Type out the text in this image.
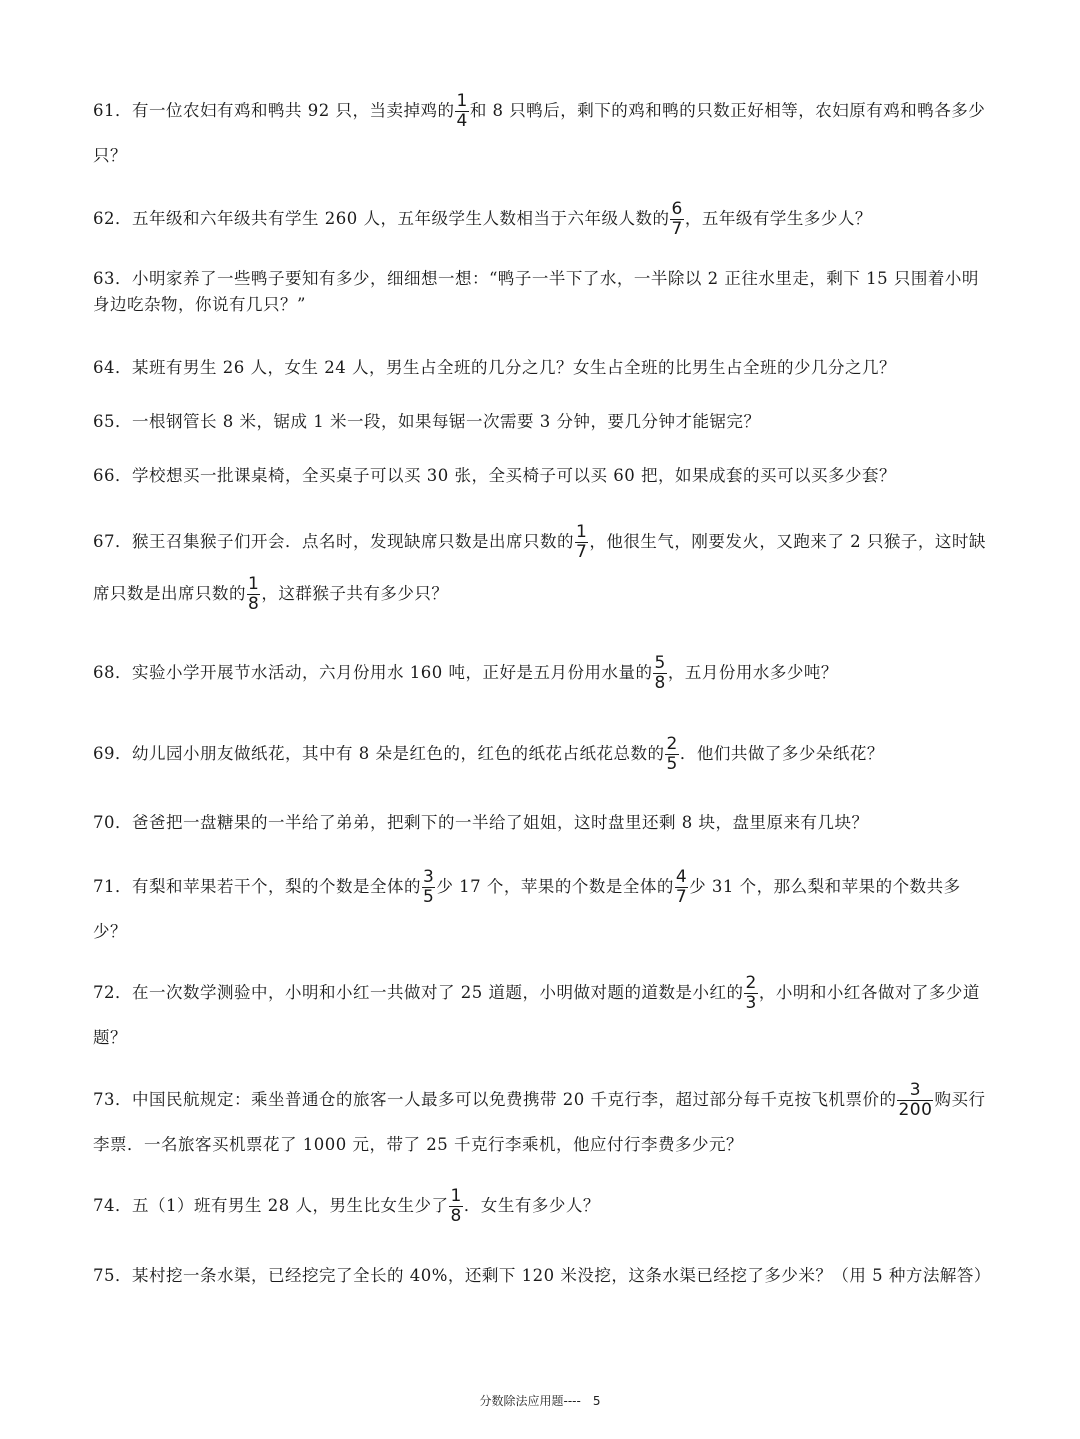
61．有一位农妇有鸡和鸭共 92 只，当卖掉鸡的 $\frac{1}{4}$ 和 8 只鸭后，剩下的鸡和鸭的只数正好相等，农妇原有鸡和鸭各多少只？
62．五年级和六年级共有学生 260 人，五年级学生人数相当于六年级人数的 $\frac{6}{7}$ ，五年级有学生多少人？
63．小明家养了一些鸭子要知有多少，细细想一想：“鸭子一半下了水，一半除以 2 正往水里走，剩下 15 只围着小明身边吃杂物，你说有几只？”
64．某班有男生 26 人，女生 24 人，男生占全班的几分之几？女生占全班的比男生占全班的少几分之几？
65．一根钢管长 8 米，锯成 1 米一段，如果每锯一次需要 3 分钟，要几分钟才能锯完？
66．学校想买一批课桌椅，全买桌子可以买 30 张，全买椅子可以买 60 把，如果成套的买可以买多少套？
67．猴王召集猴子们开会．点名时，发现缺席只数是出席只数的 $\frac{1}{7}$ ，他很生气，刚要发火，又跑来了 2 只猴子，这时缺席只数是出席只数的 $\frac{1}{8}$ ，这群猴子共有多少只？
68．实验小学开展节水活动，六月份用水 160 吨，正好是五月份用水量的 $\frac{5}{8}$ ，五月份用水多少吨？
69．幼儿园小朋友做纸花，其中有 8 朵是红色的，红色的纸花占纸花总数的 $\frac{2}{5}$ ．他们共做了多少朵纸花？
70．爸爸把一盘糖果的一半给了弟弟，把剩下的一半给了姐姐，这时盘里还剩 8 块，盘里原来有几块？
71．有梨和苹果若干个，梨的个数是全体的 $\frac{3}{5}$ 少 17 个，苹果的个数是全体的 $\frac{4}{7}$ 少 31 个，那么梨和苹果的个数共多少？
72．在一次数学测验中，小明和小红一共做对了 25 道题，小明做对题的道数是小红的 $\frac{2}{3}$ ，小明和小红各做对了多少道题？
73．中国民航规定：乘坐普通仓的旅客一人最多可以免费携带 20 千克行李，超过部分每千克按飞机票价的 $\frac{3}{200}$ 购买行李票．一名旅客买机票花了 1000 元，带了 25 千克行李乘机，他应付行李费多少元？
74．五（1）班有男生 28 人，男生比女生少了 $\frac{1}{8}$ ．女生有多少人？
75．某村挖一条水渠，已经挖完了全长的 40%，还剩下 120 米没挖，这条水渠已经挖了多少米？（用 5 种方法解答）
分数除法应用题---- 5
